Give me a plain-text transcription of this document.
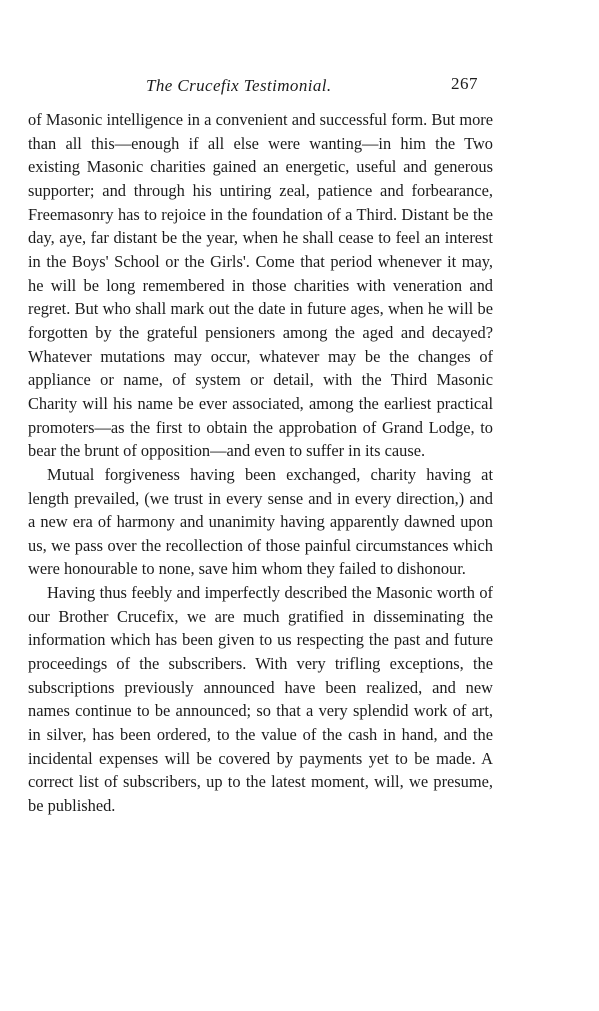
The Crucefix Testimonial.	267

of Masonic intelligence in a convenient and successful form. But more than all this—enough if all else were wanting—in him the Two existing Masonic charities gained an energetic, useful and generous supporter; and through his untiring zeal, patience and forbearance, Freemasonry has to rejoice in the foundation of a Third. Distant be the day, aye, far distant be the year, when he shall cease to feel an interest in the Boys' School or the Girls'. Come that period whenever it may, he will be long remembered in those charities with veneration and regret. But who shall mark out the date in future ages, when he will be forgotten by the grateful pensioners among the aged and decayed? Whatever mutations may occur, whatever may be the changes of appliance or name, of system or detail, with the Third Masonic Charity will his name be ever associated, among the earliest practical promoters—as the first to obtain the approbation of Grand Lodge, to bear the brunt of opposition—and even to suffer in its cause.

Mutual forgiveness having been exchanged, charity having at length prevailed, (we trust in every sense and in every direction,) and a new era of harmony and unanimity having apparently dawned upon us, we pass over the recollection of those painful circumstances which were honourable to none, save him whom they failed to dishonour.

Having thus feebly and imperfectly described the Masonic worth of our Brother Crucefix, we are much gratified in disseminating the information which has been given to us respecting the past and future proceedings of the subscribers. With very trifling exceptions, the subscriptions previously announced have been realized, and new names continue to be announced; so that a very splendid work of art, in silver, has been ordered, to the value of the cash in hand, and the incidental expenses will be covered by payments yet to be made. A correct list of subscribers, up to the latest moment, will, we presume, be published.
